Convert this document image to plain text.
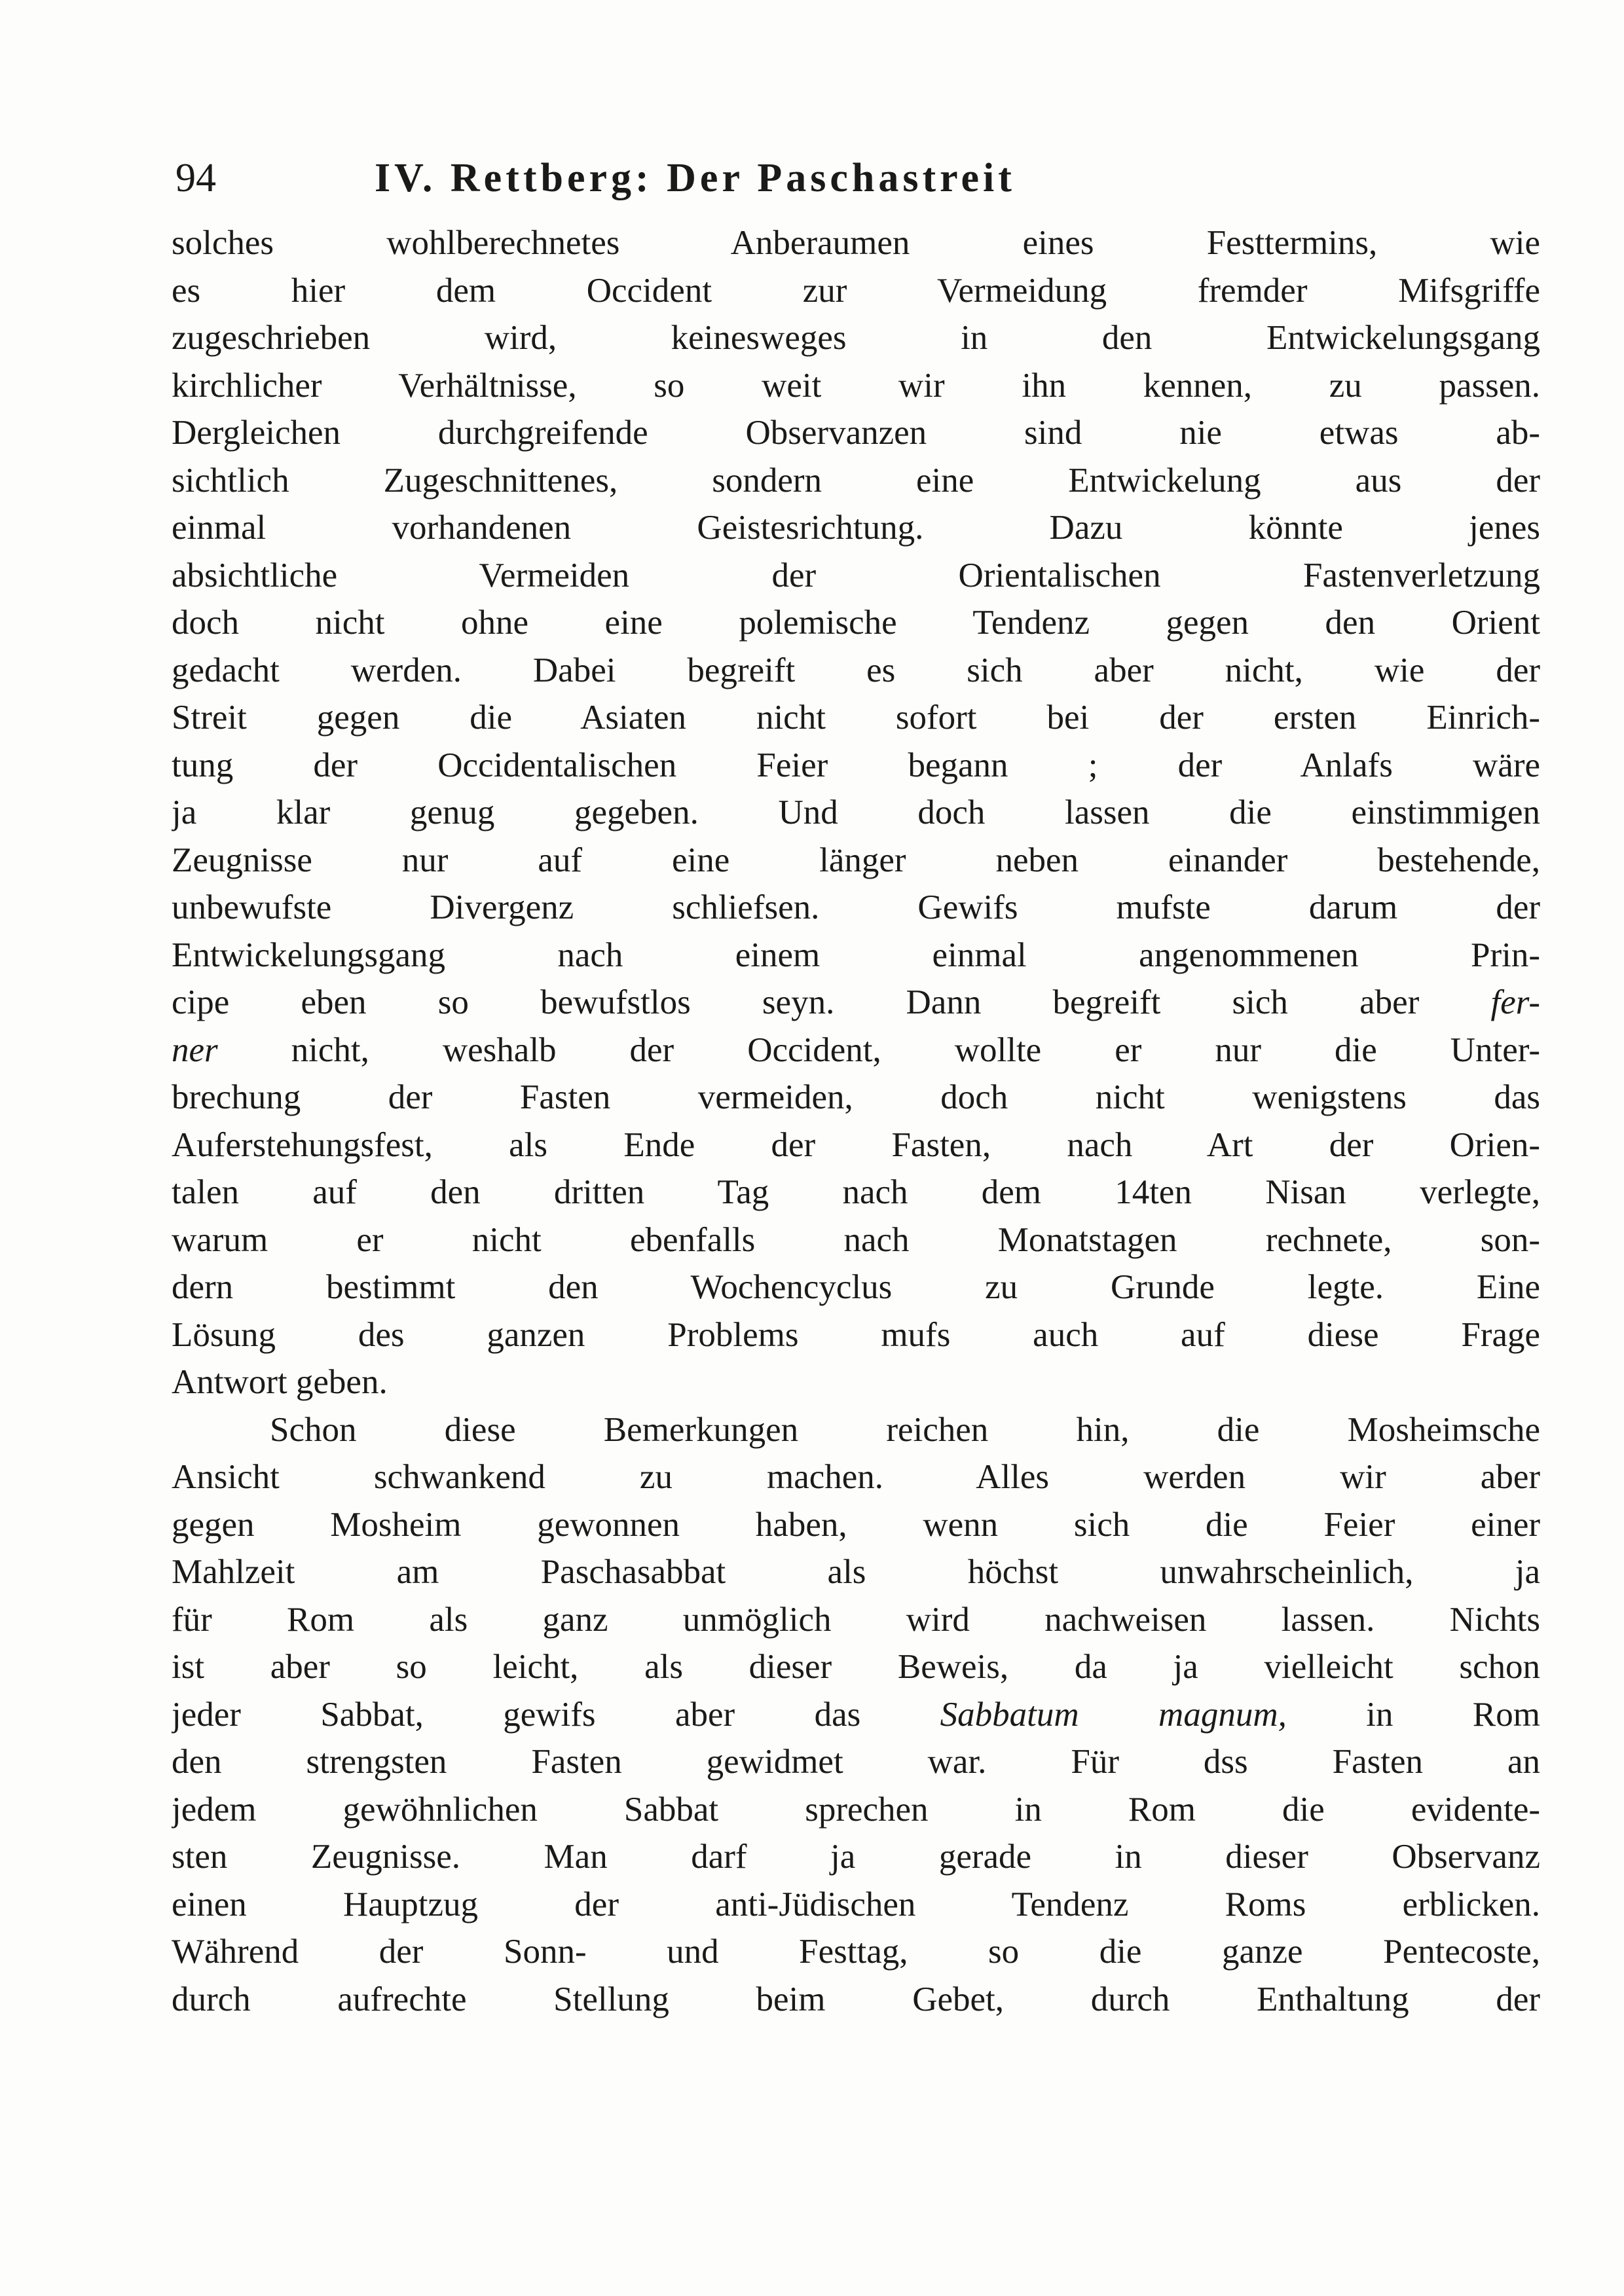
94	IV. Rettberg: Der Paschastreit
solches wohlberechnetes Anberaumen eines Festtermins, wie
es hier dem Occident zur Vermeidung fremder Mifsgriffe
zugeschrieben wird, keinesweges in den Entwickelungsgang
kirchlicher Verhältnisse, so weit wir ihn kennen, zu passen.
Dergleichen durchgreifende Observanzen sind nie etwas ab-
sichtlich Zugeschnittenes, sondern eine Entwickelung aus der
einmal vorhandenen Geistesrichtung. Dazu könnte jenes
absichtliche Vermeiden der Orientalischen Fastenverletzung
doch nicht ohne eine polemische Tendenz gegen den Orient
gedacht werden. Dabei begreift es sich aber nicht, wie der
Streit gegen die Asiaten nicht sofort bei der ersten Einrich-
tung der Occidentalischen Feier begann ; der Anlafs wäre
ja klar genug gegeben. Und doch lassen die einstimmigen
Zeugnisse nur auf eine länger neben einander bestehende,
unbewufste Divergenz schliefsen. Gewifs mufste darum der
Entwickelungsgang nach einem einmal angenommenen Prin-
cipe eben so bewufstlos seyn. Dann begreift sich aber fer-
ner nicht, weshalb der Occident, wollte er nur die Unter-
brechung der Fasten vermeiden, doch nicht wenigstens das
Auferstehungsfest, als Ende der Fasten, nach Art der Orien-
talen auf den dritten Tag nach dem 14ten Nisan verlegte,
warum er nicht ebenfalls nach Monatstagen rechnete, son-
dern bestimmt den Wochencyclus zu Grunde legte. Eine
Lösung des ganzen Problems mufs auch auf diese Frage
Antwort geben.
Schon diese Bemerkungen reichen hin, die Mosheimsche
Ansicht schwankend zu machen. Alles werden wir aber
gegen Mosheim gewonnen haben, wenn sich die Feier einer
Mahlzeit am Paschasabbat als höchst unwahrscheinlich, ja
für Rom als ganz unmöglich wird nachweisen lassen. Nichts
ist aber so leicht, als dieser Beweis, da ja vielleicht schon
jeder Sabbat, gewifs aber das Sabbatum magnum, in Rom
den strengsten Fasten gewidmet war. Für dss Fasten an
jedem gewöhnlichen Sabbat sprechen in Rom die evidente-
sten Zeugnisse. Man darf ja gerade in dieser Observanz
einen Hauptzug der anti-Jüdischen Tendenz Roms erblicken.
Während der Sonn- und Festtag, so die ganze Pentecoste,
durch aufrechte Stellung beim Gebet, durch Enthaltung der
